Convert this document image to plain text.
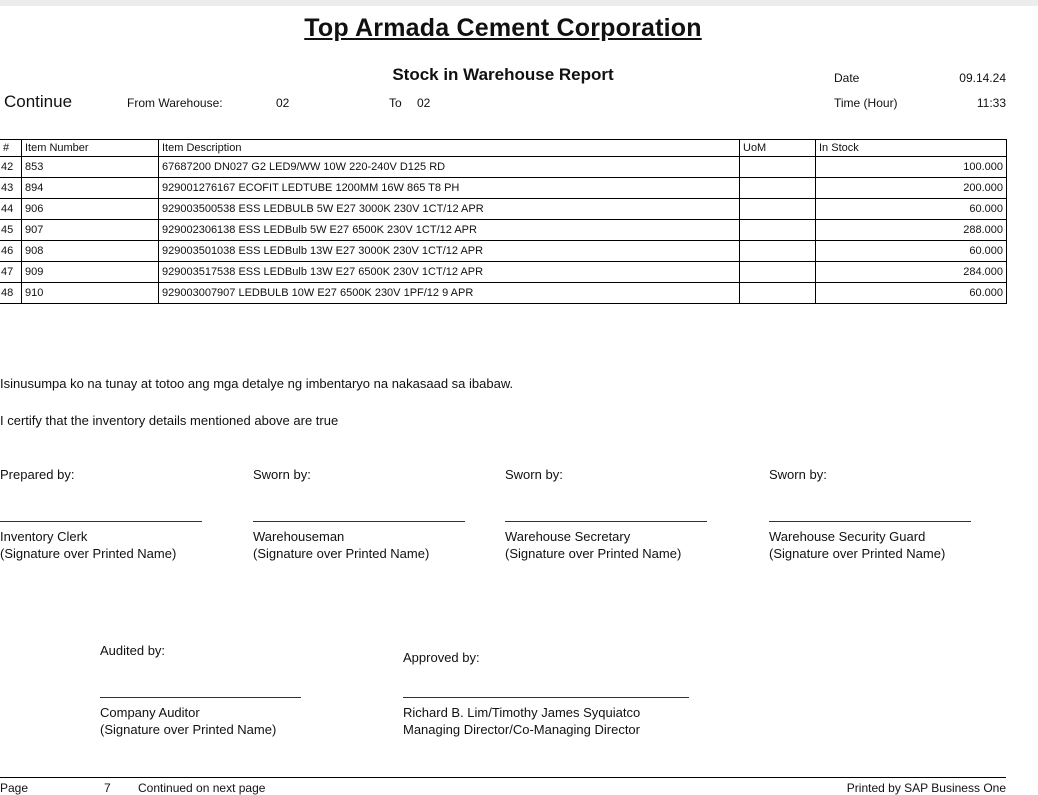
Top Armada Cement Corporation
Stock in Warehouse Report
Continue	From Warehouse:	02	To 02
Date	09.14.24
Time (Hour)	11:33
#	Item Number	Item Description	UoM	In Stock
42	853	67687200 DN027 G2 LED9/WW 10W 220-240V D125 RD		100.000
43	894	929001276167 ECOFIT LEDTUBE 1200MM 16W 865 T8 PH		200.000
44	906	929003500538 ESS LEDBULB 5W E27 3000K 230V 1CT/12 APR		60.000
45	907	929002306138 ESS LEDBulb 5W E27 6500K 230V 1CT/12 APR		288.000
46	908	929003501038 ESS LEDBulb 13W E27 3000K 230V 1CT/12 APR		60.000
47	909	929003517538 ESS LEDBulb 13W E27 6500K 230V 1CT/12 APR		284.000
48	910	929003007907 LEDBULB 10W E27 6500K 230V 1PF/12 9 APR		60.000
Isinusumpa ko na tunay at totoo ang mga detalye ng imbentaryo na nakasaad sa ibabaw.
I certify that the inventory details mentioned above are true
Prepared by:	Sworn by:	Sworn by:	Sworn by:
Inventory Clerk
(Signature over Printed Name)
Warehouseman
(Signature over Printed Name)
Warehouse Secretary
(Signature over Printed Name)
Warehouse Security Guard
(Signature over Printed Name)
Audited by:	Approved by:
Company Auditor
(Signature over Printed Name)
Richard B. Lim/Timothy James Syquiatco
Managing Director/Co-Managing Director
Page	7 Continued on next page	Printed by SAP Business One
